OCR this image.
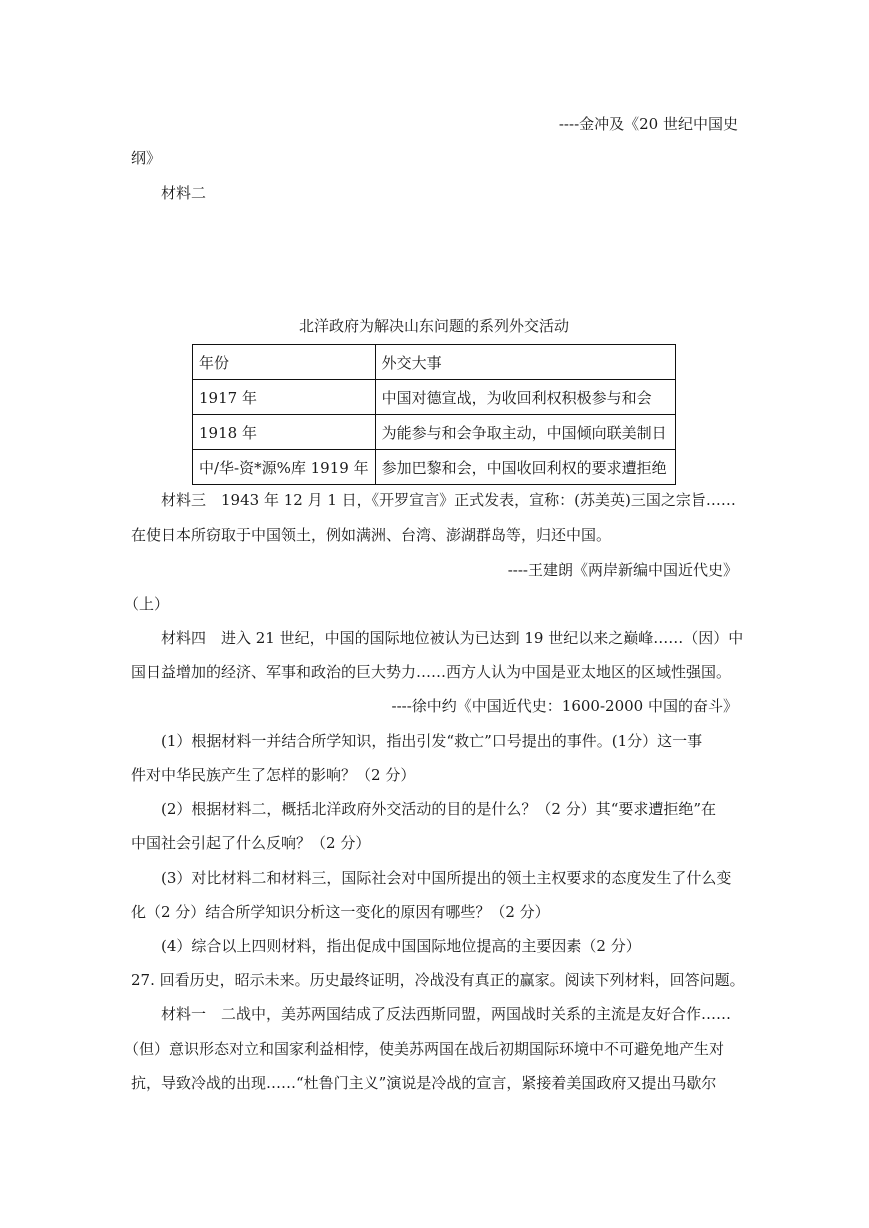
----金冲及《20 世纪中国史
纲》
材料二
北洋政府为解决山东问题的系列外交活动
年份	外交大事
1917 年	中国对德宣战，为收回利权积极参与和会
1918 年	为能参与和会争取主动，中国倾向联美制日
中/华-资*源%库 1919 年	参加巴黎和会，中国收回利权的要求遭拒绝
材料三　1943 年 12 月 1 日，《开罗宣言》正式发表，宣称：(苏美英)三国之宗旨……
在使日本所窃取于中国领土，例如满洲、台湾、澎湖群岛等，归还中国。
----王建朗《两岸新编中国近代史》
（上）
材料四　进入 21 世纪，中国的国际地位被认为已达到 19 世纪以来之巅峰……（因）中
国日益增加的经济、军事和政治的巨大势力……西方人认为中国是亚太地区的区域性强国。
----徐中约《中国近代史：1600-2000 中国的奋斗》
(1）根据材料一并结合所学知识，指出引发“救亡”口号提出的事件。(1分）这一事
件对中华民族产生了怎样的影响？（2 分）
(2）根据材料二，概括北洋政府外交活动的目的是什么？（2 分）其“要求遭拒绝”在
中国社会引起了什么反响？（2 分）
(3）对比材料二和材料三，国际社会对中国所提出的领土主权要求的态度发生了什么变
化（2 分）结合所学知识分析这一变化的原因有哪些？（2 分）
(4）综合以上四则材料，指出促成中国国际地位提高的主要因素（2 分）
27. 回看历史，昭示未来。历史最终证明，冷战没有真正的赢家。阅读下列材料，回答问题。
材料一　二战中，美苏两国结成了反法西斯同盟，两国战时关系的主流是友好合作……
（但）意识形态对立和国家利益相悖，使美苏两国在战后初期国际环境中不可避免地产生对
抗，导致冷战的出现……“杜鲁门主义”演说是冷战的宣言，紧接着美国政府又提出马歇尔
